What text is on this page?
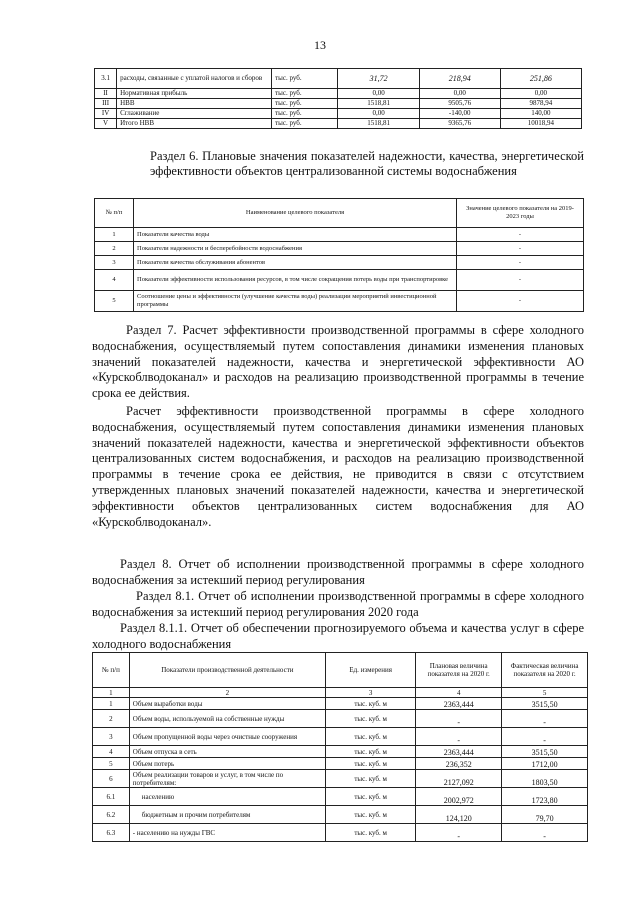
13
3.1	расходы, связанные с уплатой налогов и сборов	тыс. руб.	31,72	218,94	251,86
II	Нормативная прибыль	тыс. руб.	0,00	0,00	0,00
III	НВВ	тыс. руб.	1518,81	9505,76	9878,94
IV	Сглаживание	тыс. руб.	0,00	-140,00	140,00
V	Итого НВВ	тыс. руб.	1518,81	9365,76	10018,94
Раздел 6. Плановые значения показателей надежности, качества, энергетической эффективности объектов централизованной системы водоснабжения
№ п/п	Наименование целевого показателя	Значение целевого показателя на 2019-2023 годы
1	Показатели качества воды	-
2	Показатели надежности и бесперебойности водоснабжения	-
3	Показатели качества обслуживания абонентов	-
4	Показатели эффективности использования ресурсов, в том числе сокращения потерь воды при транспортировке	-
5	Соотношение цены и эффективности (улучшение качества воды) реализации мероприятий инвестиционной программы	-
Раздел 7. Расчет эффективности производственной программы в сфере холодного водоснабжения, осуществляемый путем сопоставления динамики изменения плановых значений показателей надежности, качества и энергетической эффективности АО «Курскоблводоканал» и расходов на реализацию производственной программы в течение срока ее действия.
Расчет эффективности производственной программы в сфере холодного водоснабжения, осуществляемый путем сопоставления динамики изменения плановых значений показателей надежности, качества и энергетической эффективности объектов централизованных систем водоснабжения, и расходов на реализацию производственной программы в течение срока ее действия, не приводится в связи с отсутствием утвержденных плановых значений показателей надежности, качества и энергетической эффективности объектов централизованных систем водоснабжения для АО «Курскоблводоканал».
Раздел 8. Отчет об исполнении производственной программы в сфере холодного водоснабжения за истекший период регулирования
Раздел 8.1. Отчет об исполнении производственной программы в сфере холодного водоснабжения за истекший период регулирования 2020 года
Раздел 8.1.1. Отчет об обеспечении прогнозируемого объема и качества услуг в сфере холодного водоснабжения
№ п/п	Показатели производственной деятельности	Ед. измерения	Плановая величина показателя на 2020 г.	Фактическая величина показателя на 2020 г.
1	2	3	4	5
1	Объем выработки воды	тыс. куб. м	2363,444	3515,50
2	Объем воды, используемой на собственные нужды	тыс. куб. м	-	-
3	Объем пропущенной воды через очистные сооружения	тыс. куб. м	-	-
4	Объем отпуска в сеть	тыс. куб. м	2363,444	3515,50
5	Объем потерь	тыс. куб. м	236,352	1712,00
6	Объем реализации товаров и услуг, в том числе по потребителям:	тыс. куб. м	2127,092	1803,50
6.1	населению	тыс. куб. м	2002,972	1723,80
6.2	бюджетным и прочим потребителям	тыс. куб. м	124,120	79,70
6.3	- населению на нужды ГВС	тыс. куб. м	-	-
